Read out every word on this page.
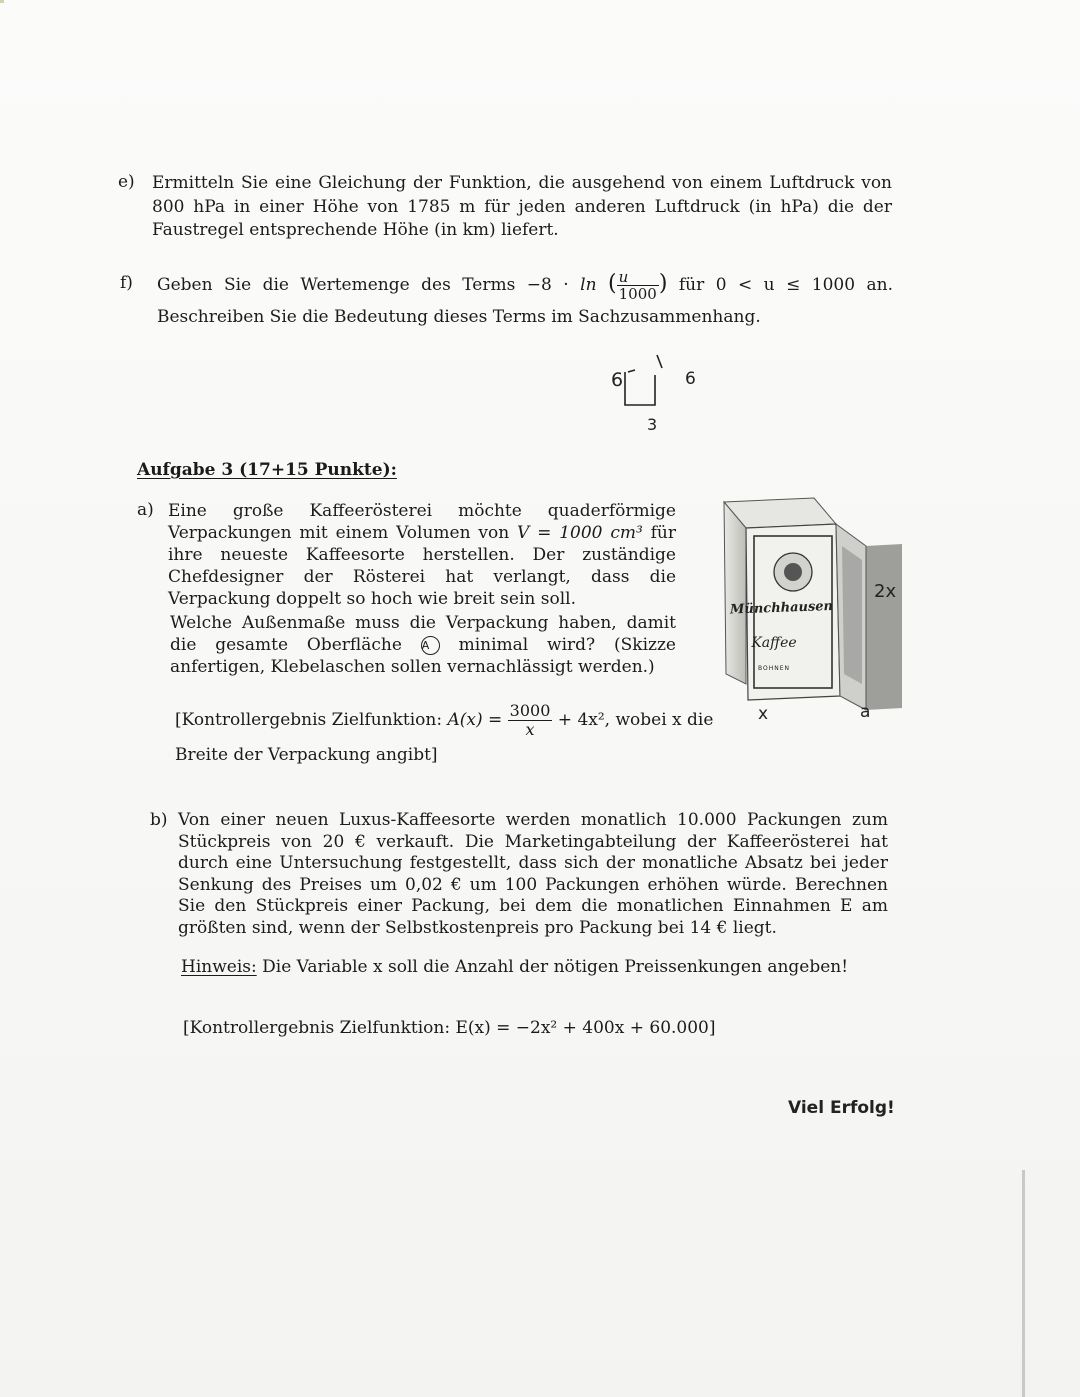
e) Ermitteln Sie eine Gleichung der Funktion, die ausgehend von einem Luftdruck von 800 hPa in einer Höhe von 1785 m für jeden anderen Luftdruck (in hPa) die der Faustregel entsprechende Höhe (in km) liefert.
f) Geben Sie die Wertemenge des Terms −8 · ln ( $\frac{u}{1000}$ ) für 0 < u ≤ 1000 an. Beschreiben Sie die Bedeutung dieses Terms im Sachzusammenhang.
6	6
3
Aufgabe 3 (17+15 Punkte):
a) Eine große Kaffeerösterei möchte quaderförmige Verpackungen mit einem Volumen von V = 1000 cm³ für ihre neueste Kaffeesorte herstellen. Der zuständige Chefdesigner der Rösterei hat verlangt, dass die Verpackung doppelt so hoch wie breit sein soll.
Welche Außenmaße muss die Verpackung haben, damit die gesamte Oberfläche A minimal wird? (Skizze anfertigen, Klebelaschen sollen vernachlässigt werden.)
[Kontrollergebnis Zielfunktion: $A(x) = \frac{3000}{x} + 4x^2$, wobei x die
Breite der Verpackung angibt]
Münchhausen
Kaffee
BOHNEN
2x
x	a
b) Von einer neuen Luxus-Kaffeesorte werden monatlich 10.000 Packungen zum Stückpreis von 20 € verkauft. Die Marketingabteilung der Kaffeerösterei hat durch eine Untersuchung festgestellt, dass sich der monatliche Absatz bei jeder Senkung des Preises um 0,02 € um 100 Packungen erhöhen würde. Berechnen Sie den Stückpreis einer Packung, bei dem die monatlichen Einnahmen E am größten sind, wenn der Selbstkostenpreis pro Packung bei 14 € liegt.
Hinweis: Die Variable x soll die Anzahl der nötigen Preissenkungen angeben!
[Kontrollergebnis Zielfunktion: E(x) = −2x² + 400x + 60.000]
Viel Erfolg!
